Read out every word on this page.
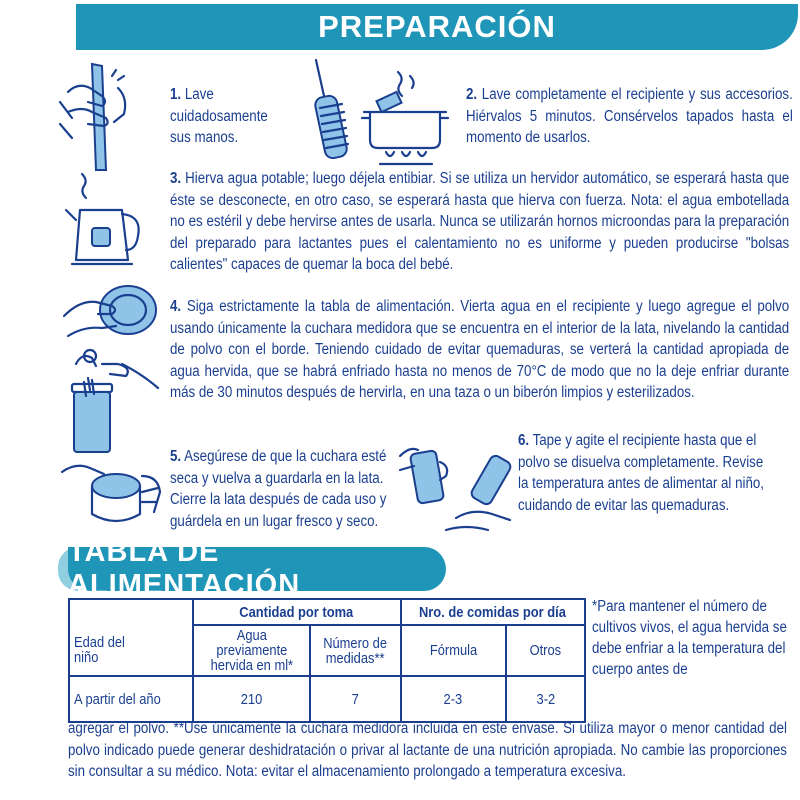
PREPARACIÓN
1. Lave cuidadosamente sus manos.
2. Lave completamente el recipiente y sus accesorios. Hiérvalos 5 minutos. Consérvelos tapados hasta el momento de usarlos.
3. Hierva agua potable; luego déjela entibiar. Si se utiliza un hervidor automático, se esperará hasta que éste se desconecte, en otro caso, se esperará hasta que hierva con fuerza. Nota: el agua embotellada no es estéril y debe hervirse antes de usarla. Nunca se utilizarán hornos microondas para la preparación del preparado para lactantes pues el calentamiento no es uniforme y pueden producirse "bolsas calientes" capaces de quemar la boca del bebé.
4. Siga estrictamente la tabla de alimentación. Vierta agua en el recipiente y luego agregue el polvo usando únicamente la cuchara medidora que se encuentra en el interior de la lata, nivelando la cantidad de polvo con el borde. Teniendo cuidado de evitar quemaduras, se verterá la cantidad apropiada de agua hervida, que se habrá enfriado hasta no menos de 70°C de modo que no la deje enfriar durante más de 30 minutos después de hervirla, en una taza o un biberón limpios y esterilizados.
5. Asegúrese de que la cuchara esté seca y vuelva a guardarla en la lata. Cierre la lata después de cada uso y guárdela en un lugar fresco y seco.
6. Tape y agite el recipiente hasta que el polvo se disuelva completamente. Revise la temperatura antes de alimentar al niño, cuidando de evitar las quemaduras.
TABLA DE ALIMENTACIÓN
	Cantidad por toma		Nro. de comidas por día	

Edad del niño	Agua previamente hervida en ml*	Número de medidas**	Fórmula	Otros
A partir del año	210	7	2-3	3-2
*Para mantener el número de cultivos vivos, el agua hervida se debe enfriar a la temperatura del cuerpo antes de
agregar el polvo. **Use únicamente la cuchara medidora incluida en este envase. Si utiliza mayor o menor cantidad del polvo indicado puede generar deshidratación o privar al lactante de una nutrición apropiada. No cambie las proporciones sin consultar a su médico. Nota: evitar el almacenamiento prolongado a temperatura excesiva.
